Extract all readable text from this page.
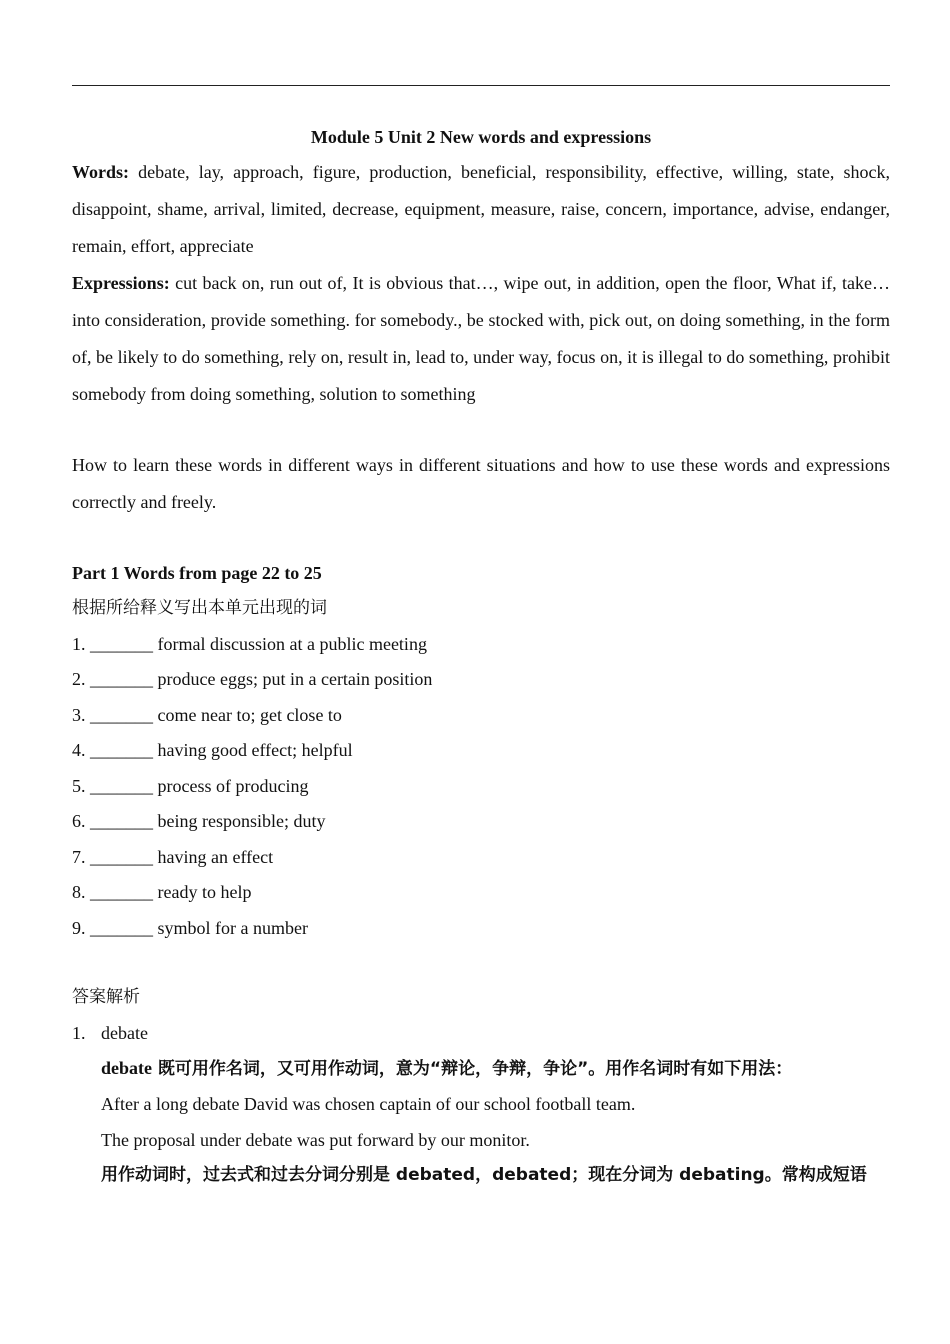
Module 5 Unit 2 New words and expressions

Words: debate, lay, approach, figure, production, beneficial, responsibility, effective, willing, state, shock, disappoint, shame, arrival, limited, decrease, equipment, measure, raise, concern, importance, advise, endanger, remain, effort, appreciate

Expressions: cut back on, run out of, It is obvious that…, wipe out, in addition, open the floor, What if, take…into consideration, provide something. for somebody., be stocked with, pick out, on doing something, in the form of, be likely to do something, rely on, result in, lead to, under way, focus on, it is illegal to do something, prohibit somebody from doing something, solution to something

How to learn these words in different ways in different situations and how to use these words and expressions correctly and freely.

Part 1 Words from page 22 to 25

根据所给释义写出本单元出现的词

1. _______ formal discussion at a public meeting

2. _______ produce eggs; put in a certain position

3. _______ come near to; get close to

4. _______ having good effect; helpful

5. _______ process of producing

6. _______ being responsible; duty

7. _______ having an effect

8. _______ ready to help

9. _______ symbol for a number

答案解析

1. debate
debate 既可用作名词，又可用作动词，意为“辩论，争辩，争论”。用作名词时有如下用法：
After a long debate David was chosen captain of our school football team.
The proposal under debate was put forward by our monitor.
用作动词时，过去式和过去分词分别是 debated，debated；现在分词为 debating。常构成短语
